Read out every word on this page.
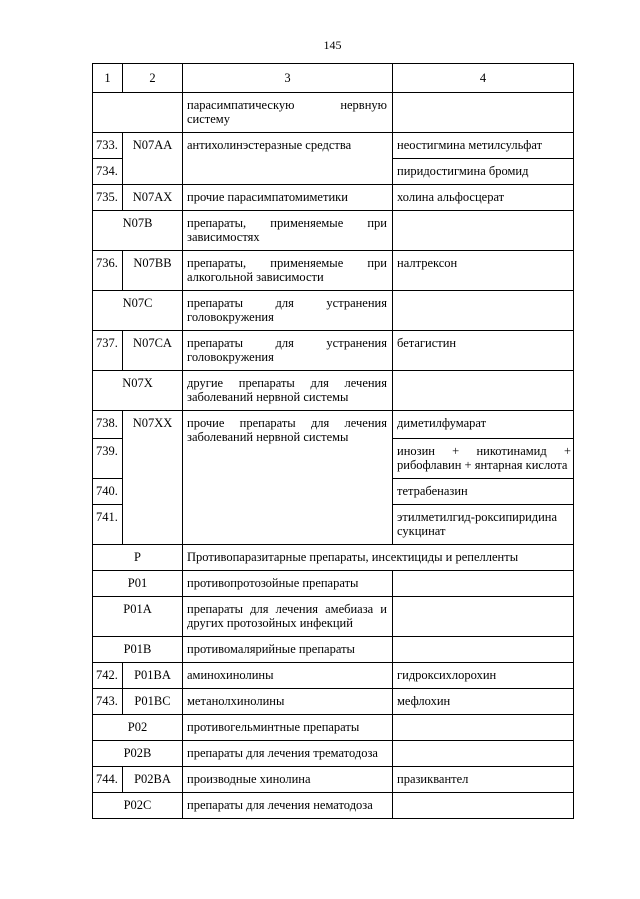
145
1	2	3	4

		парасимпатическую нервную
систему	

733.	N07AA	антихолинэстеразные средства	неостигмина метилсульфат
734.			пиридостигмина бромид
735.	N07AX	прочие парасимпатомиметики	холина альфосцерат
N07B		препараты, применяемые при
зависимостях	

736.	N07BB	препараты, применяемые при
алкогольной зависимости	налтрексон
N07C		препараты для устранения
головокружения	

737.	N07CA	препараты для устранения
головокружения	бетагистин
N07X		другие препараты для лечения
заболеваний нервной системы	

738.	N07XX	прочие препараты для лечения
заболеваний нервной системы	диметилфумарат
739.			инозин + никотинамид +
рибофлавин + янтарная кислота

740.			тетрабеназин
741.			этилметилгид-роксипиридина
сукцинат

P		Противопаразитарные препараты, инсектициды и репелленты	
P01		противопротозойные препараты	
P01A		препараты для лечения амебиаза и
других протозойных инфекций	

P01B		противомалярийные препараты	
742.	P01BA	аминохинолины	гидроксихлорохин
743.	P01BC	метанолхинолины	мефлохин
P02		противогельминтные препараты	
P02B		препараты для лечения трематодоза	
744.	P02BA	производные хинолина	празиквантел
P02C		препараты для лечения нематодоза	
